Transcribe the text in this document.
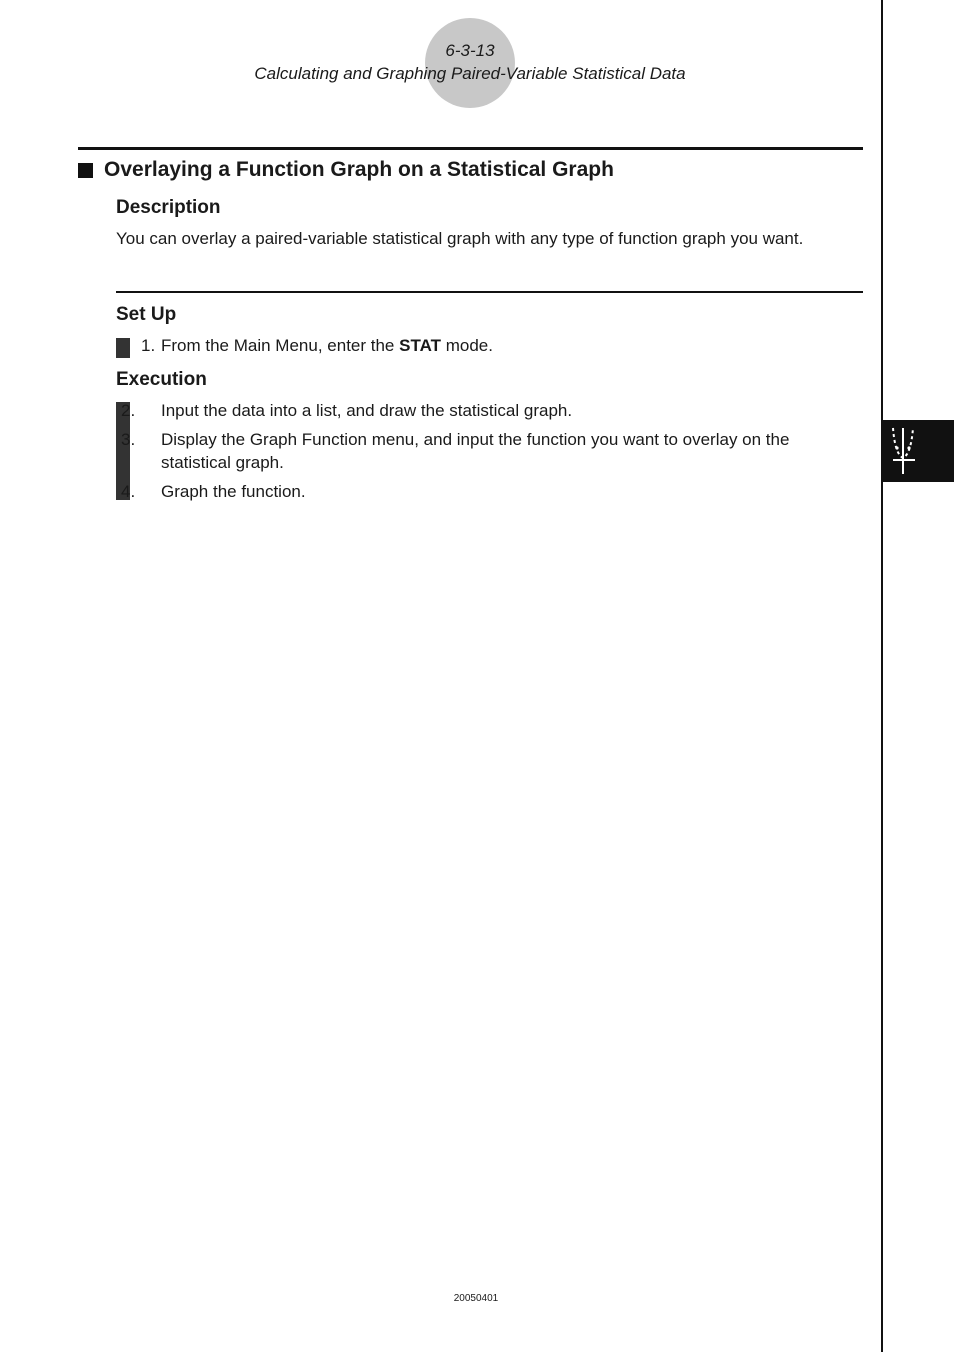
6-3-13
Calculating and Graphing Paired-Variable Statistical Data
Overlaying a Function Graph on a Statistical Graph
Description
You can overlay a paired-variable statistical graph with any type of function graph you want.
Set Up
1. From the Main Menu, enter the STAT mode.
Execution
2. Input the data into a list, and draw the statistical graph.
3. Display the Graph Function menu, and input the function you want to overlay on the statistical graph.
4. Graph the function.
20050401
